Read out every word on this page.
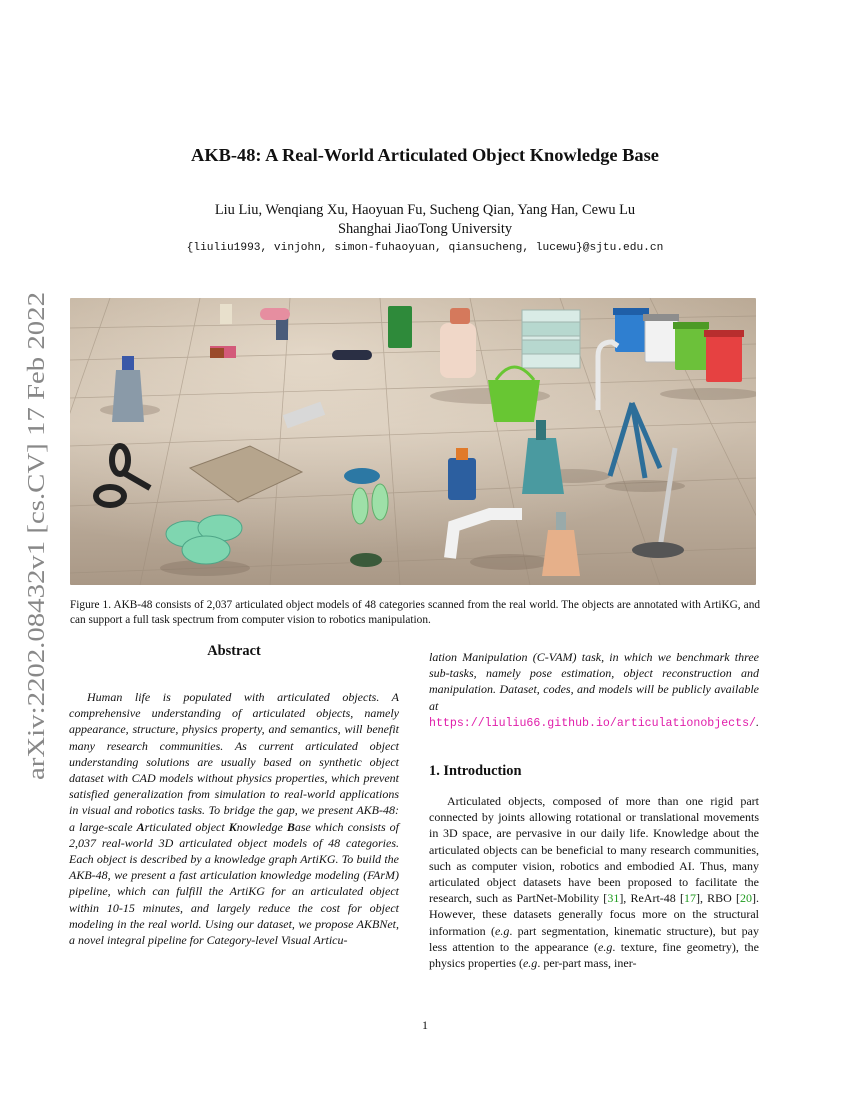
arXiv:2202.08432v1 [cs.CV] 17 Feb 2022
AKB-48: A Real-World Articulated Object Knowledge Base
Liu Liu, Wenqiang Xu, Haoyuan Fu, Sucheng Qian, Yang Han, Cewu Lu
Shanghai JiaoTong University
{liuliu1993, vinjohn, simon-fuhaoyuan, qiansucheng, lucewu}@sjtu.edu.cn
Figure 1. AKB-48 consists of 2,037 articulated object models of 48 categories scanned from the real world. The objects are annotated with ArtiKG, and can support a full task spectrum from computer vision to robotics manipulation.
Abstract
Human life is populated with articulated objects. A comprehensive understanding of articulated objects, namely appearance, structure, physics property, and semantics, will benefit many research communities. As current articulated object understanding solutions are usually based on synthetic object dataset with CAD models without physics properties, which prevent satisfied generalization from simulation to real-world applications in visual and robotics tasks. To bridge the gap, we present AKB-48: a large-scale Articulated object Knowledge Base which consists of 2,037 real-world 3D articulated object models of 48 categories. Each object is described by a knowledge graph ArtiKG. To build the AKB-48, we present a fast articulation knowledge modeling (FArM) pipeline, which can fulfill the ArtiKG for an articulated object within 10-15 minutes, and largely reduce the cost for object modeling in the real world. Using our dataset, we propose AKBNet, a novel integral pipeline for Category-level Visual Articu-
lation Manipulation (C-VAM) task, in which we benchmark three sub-tasks, namely pose estimation, object reconstruction and manipulation. Dataset, codes, and models will be publicly available at https://liuliu66.github.io/articulationobjects/.
1. Introduction
Articulated objects, composed of more than one rigid part connected by joints allowing rotational or translational movements in 3D space, are pervasive in our daily life. Knowledge about the articulated objects can be beneficial to many research communities, such as computer vision, robotics and embodied AI. Thus, many articulated object datasets have been proposed to facilitate the research, such as PartNet-Mobility [31], ReArt-48 [17], RBO [20]. However, these datasets generally focus more on the structural information (e.g. part segmentation, kinematic structure), but pay less attention to the appearance (e.g. texture, fine geometry), the physics properties (e.g. per-part mass, iner-
1
